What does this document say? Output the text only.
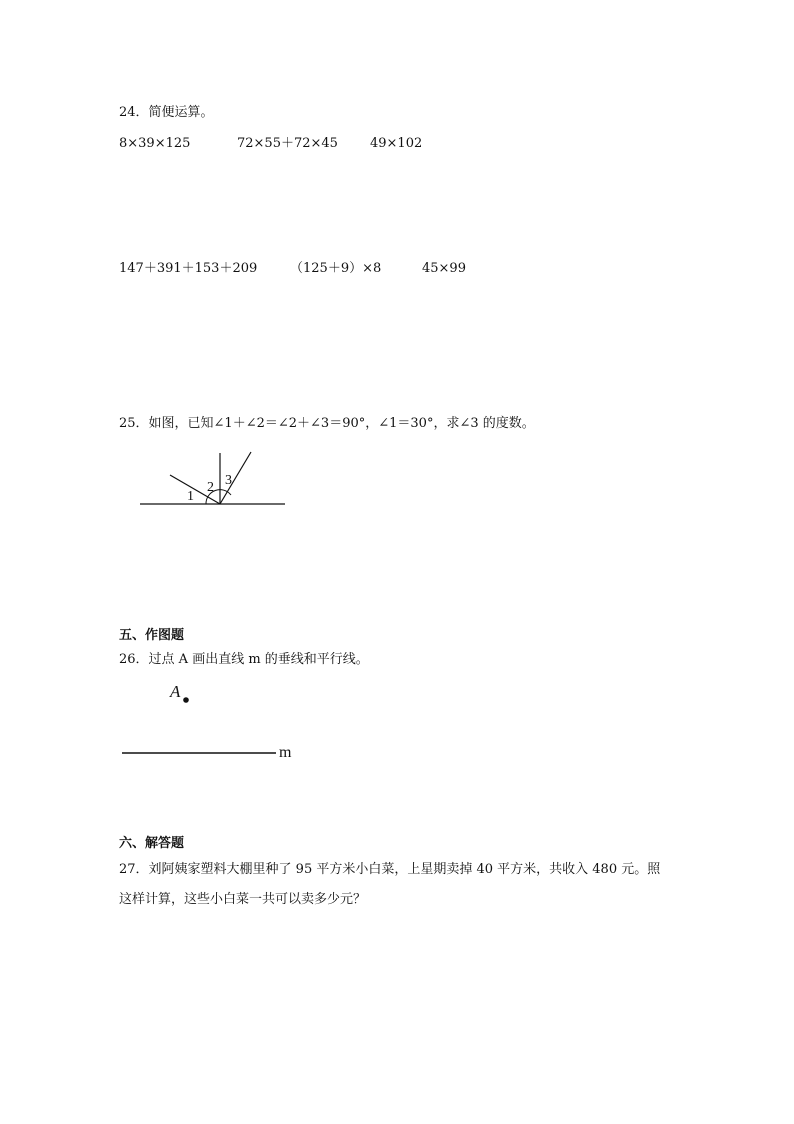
24．简便运算。
8×39×125	72×55＋72×45 49×102
147＋391＋153＋209	（125＋9）×8	45×99
25．如图，已知∠1＋∠2＝∠2＋∠3＝90°，∠1＝30°，求∠3 的度数。
1
2 3
五、作图题
26．过点 A 画出直线 m 的垂线和平行线。
A
m
六、解答题
27．刘阿姨家塑料大棚里种了 95 平方米小白菜，上星期卖掉 40 平方米，共收入 480 元。照
这样计算，这些小白菜一共可以卖多少元？
